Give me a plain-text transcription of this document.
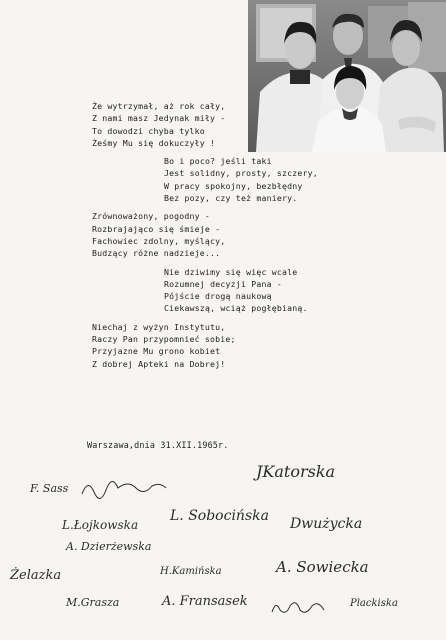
Że wytrzymał, aż rok cały,
Z nami masz Jedynak miły -
To dowodzi chyba tylko
Żeśmy Mu się dokuczyły !
Bo i poco? jeśli taki
Jest solidny, prosty, szczery,
W pracy spokojny, bezbłędny
Bez pozy, czy też maniery.
Zrównoważony, pogodny -
Rozbrajająco się śmieje -
Fachowiec zdolny, myślący,
Budzący różne nadzieje...
Nie dziwimy się więc wcale
Rozumnej decyzji Pana -
Pójście drogą naukową
Ciekawszą, wciąż pogłębianą.
Niechaj z wyżyn Instytutu,
Raczy Pan przypomnieć sobie;
Przyjazne Mu grono kobiet
Z dobrej Apteki na Dobrej!
Warszawa,dnia 31.XII.1965r.
F. Sass
JKatorska
L.Łojkowska
L. Sobocińska
A. Dzierżewska
Dwużycka
Żelazka	H.Kamińska	A. Sowiecka
M.Grasza	A. Fransasek	Plackiska
